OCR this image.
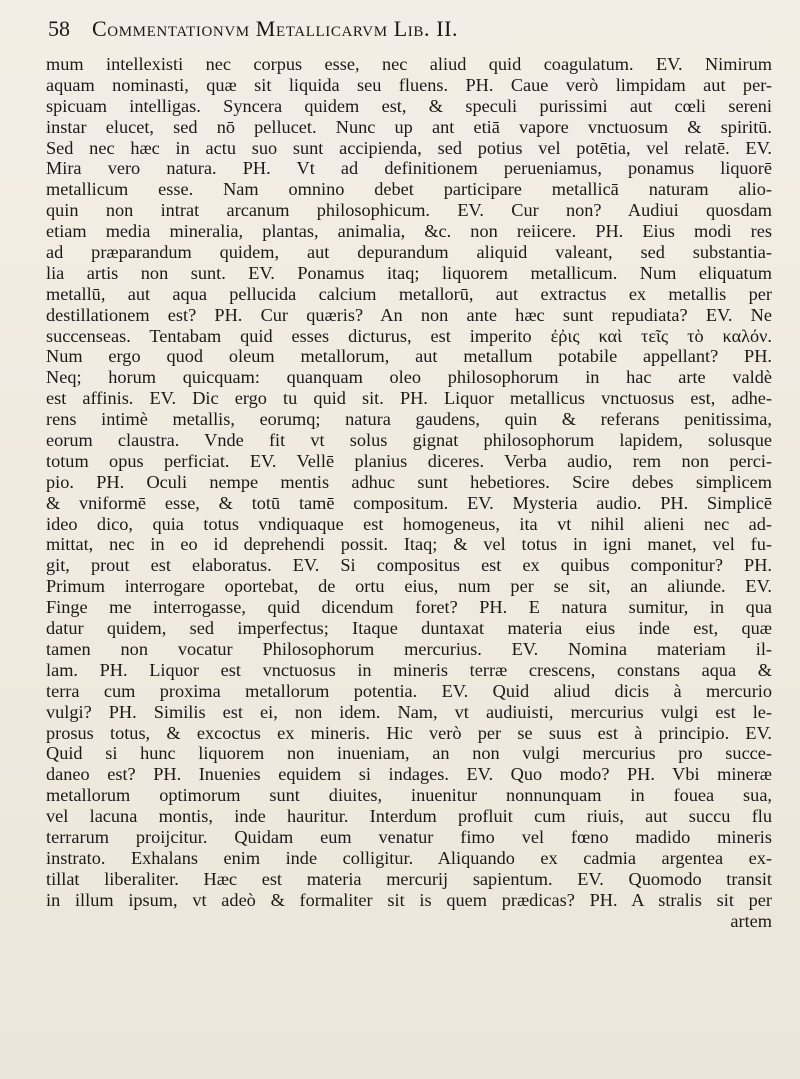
58 Commentationvm Metallicarvm Lib. II.
mum intellexisti nec corpus esse, nec aliud quid coagulatum. EV. Nimirum
aquam nominasti, quæ sit liquida seu fluens. PH. Caue verò limpidam aut per-
spicuam intelligas. Syncera quidem est, & speculi purissimi aut cœli sereni
instar elucet, sed nō pellucet. Nunc up ant etiā vapore vnctuosum & spiritū.
Sed nec hæc in actu suo sunt accipienda, sed potius vel potētia, vel relatē. EV.
Mira vero natura. PH. Vt ad definitionem perueniamus, ponamus liquorē
metallicum esse. Nam omnino debet participare metallicā naturam alio-
quin non intrat arcanum philosophicum. EV. Cur non? Audiui quosdam
etiam media mineralia, plantas, animalia, &c. non reiicere. PH. Eius modi res
ad præparandum quidem, aut depurandum aliquid valeant, sed substantia-
lia artis non sunt. EV. Ponamus itaq; liquorem metallicum. Num eliquatum
metallū, aut aqua pellucida calcium metallorū, aut extractus ex metallis per
destillationem est? PH. Cur quæris? An non ante hæc sunt repudiata? EV. Ne
succenseas. Tentabam quid esses dicturus, est imperito ἐῤις καὶ τεῖς τὸ καλόν.
Num ergo quod oleum metallorum, aut metallum potabile appellant? PH.
Neq; horum quicquam: quanquam oleo philosophorum in hac arte valdè
est affinis. EV. Dic ergo tu quid sit. PH. Liquor metallicus vnctuosus est, adhe-
rens intimè metallis, eorumq; natura gaudens, quin & referans penitissima,
eorum claustra. Vnde fit vt solus gignat philosophorum lapidem, solusque
totum opus perficiat. EV. Vellē planius diceres. Verba audio, rem non perci-
pio. PH. Oculi nempe mentis adhuc sunt hebetiores. Scire debes simplicem
& vniformē esse, & totū tamē compositum. EV. Mysteria audio. PH. Simplicē
ideo dico, quia totus vndiquaque est homogeneus, ita vt nihil alieni nec ad-
mittat, nec in eo id deprehendi possit. Itaq; & vel totus in igni manet, vel fu-
git, prout est elaboratus. EV. Si compositus est ex quibus componitur? PH.
Primum interrogare oportebat, de ortu eius, num per se sit, an aliunde. EV.
Finge me interrogasse, quid dicendum foret? PH. E natura sumitur, in qua
datur quidem, sed imperfectus; Itaque duntaxat materia eius inde est, quæ
tamen non vocatur Philosophorum mercurius. EV. Nomina materiam il-
lam. PH. Liquor est vnctuosus in mineris terræ crescens, constans aqua &
terra cum proxima metallorum potentia. EV. Quid aliud dicis à mercurio
vulgi? PH. Similis est ei, non idem. Nam, vt audiuisti, mercurius vulgi est le-
prosus totus, & excoctus ex mineris. Hic verò per se suus est à principio. EV.
Quid si hunc liquorem non inueniam, an non vulgi mercurius pro succe-
daneo est? PH. Inuenies equidem si indages. EV. Quo modo? PH. Vbi mineræ
metallorum optimorum sunt diuites, inuenitur nonnunquam in fouea sua,
vel lacuna montis, inde hauritur. Interdum profluit cum riuis, aut succu flu
terrarum proijcitur. Quidam eum venatur fimo vel fœno madido mineris
instrato. Exhalans enim inde colligitur. Aliquando ex cadmia argentea ex-
tillat liberaliter. Hæc est materia mercurij sapientum. EV. Quomodo transit
in illum ipsum, vt adeò & formaliter sit is quem prædicas? PH. A stralis sit per
artem
